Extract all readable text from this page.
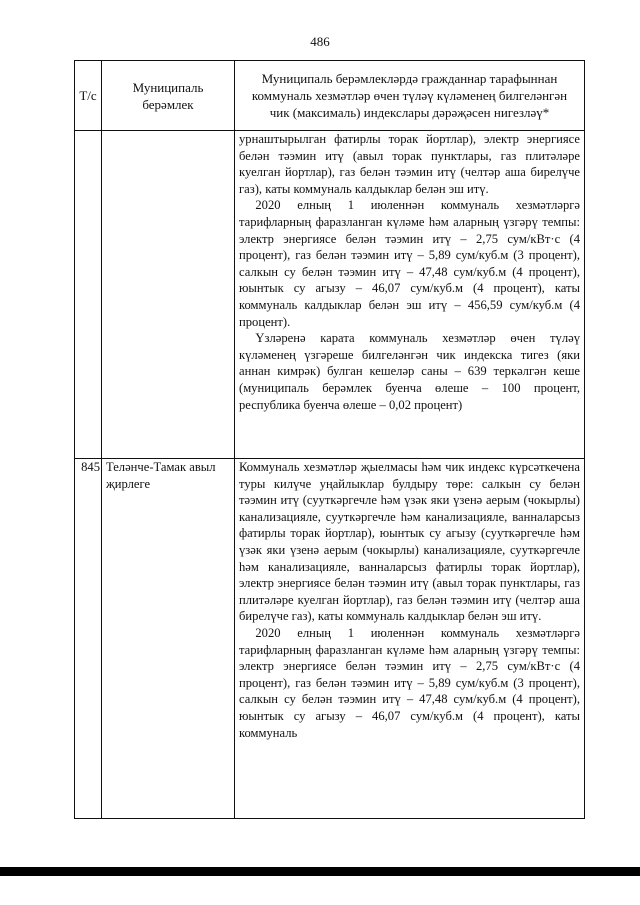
486
Т/с	Муниципаль берәмлек	Муниципаль берәмлекләрдә гражданнар тарафыннан коммуналь хезмәтләр өчен түләү күләменең билгеләнгән чик (максималь) индекслары дәрәҗәсен нигезләү*

		урнаштырылган фатирлы торак йортлар), электр энергиясе белән тәэмин итү (авыл торак пунктлары, газ плитәләре куелган йортлар), газ белән тәэмин итү (челтәр аша бирелүче газ), каты коммуналь калдыклар белән эш итү.

2020 елның 1 июленнән коммуналь хезмәтләргә тарифларның фаразланган күләме һәм аларның үзгәрү темпы: электр энергиясе белән тәэмин итү – 2,75 сум/кВт·с (4 процент), газ белән тәэмин итү – 5,89 сум/куб.м (3 процент), салкын су белән тәэмин итү – 47,48 сум/куб.м (4 процент), юынтык су агызу – 46,07 сум/куб.м (4 процент), каты коммуналь калдыклар белән эш итү – 456,59 сум/куб.м (4 процент).

Үзләренә карата коммуналь хезмәтләр өчен түләү күләменең үзгәреше билгеләнгән чик индекска тигез (яки аннан кимрәк) булган кешеләр саны – 639 теркәлгән кеше (муниципаль берәмлек буенча өлеше – 100 процент, республика буенча өлеше – 0,02 процент)

845	Теләнче-Тамак авыл җирлеге	Коммуналь хезмәтләр җыелмасы һәм чик индекс күрсәткечена туры килүче уңайлыклар булдыру төре: салкын су белән тәэмин итү (сууткәргечле һәм үзәк яки үзенә аерым (чокырлы) канализацияле, сууткәргечле һәм канализацияле, ванналарсыз фатирлы торак йортлар), юынтык су агызу (сууткәргечле һәм үзәк яки үзенә аерым (чокырлы) канализацияле, сууткәргечле һәм канализацияле, ванналарсыз фатирлы торак йортлар), электр энергиясе белән тәэмин итү (авыл торак пунктлары, газ плитәләре куелган йортлар), газ белән тәэмин итү (челтәр аша бирелүче газ), каты коммуналь калдыклар белән эш итү.

2020 елның 1 июленнән коммуналь хезмәтләргә тарифларның фаразланган күләме һәм аларның үзгәрү темпы: электр энергиясе белән тәэмин итү – 2,75 сум/кВт·с (4 процент), газ белән тәэмин итү – 5,89 сум/куб.м (3 процент), салкын су белән тәэмин итү – 47,48 сум/куб.м (4 процент), юынтык су агызу – 46,07 сум/куб.м (4 процент), каты коммуналь
